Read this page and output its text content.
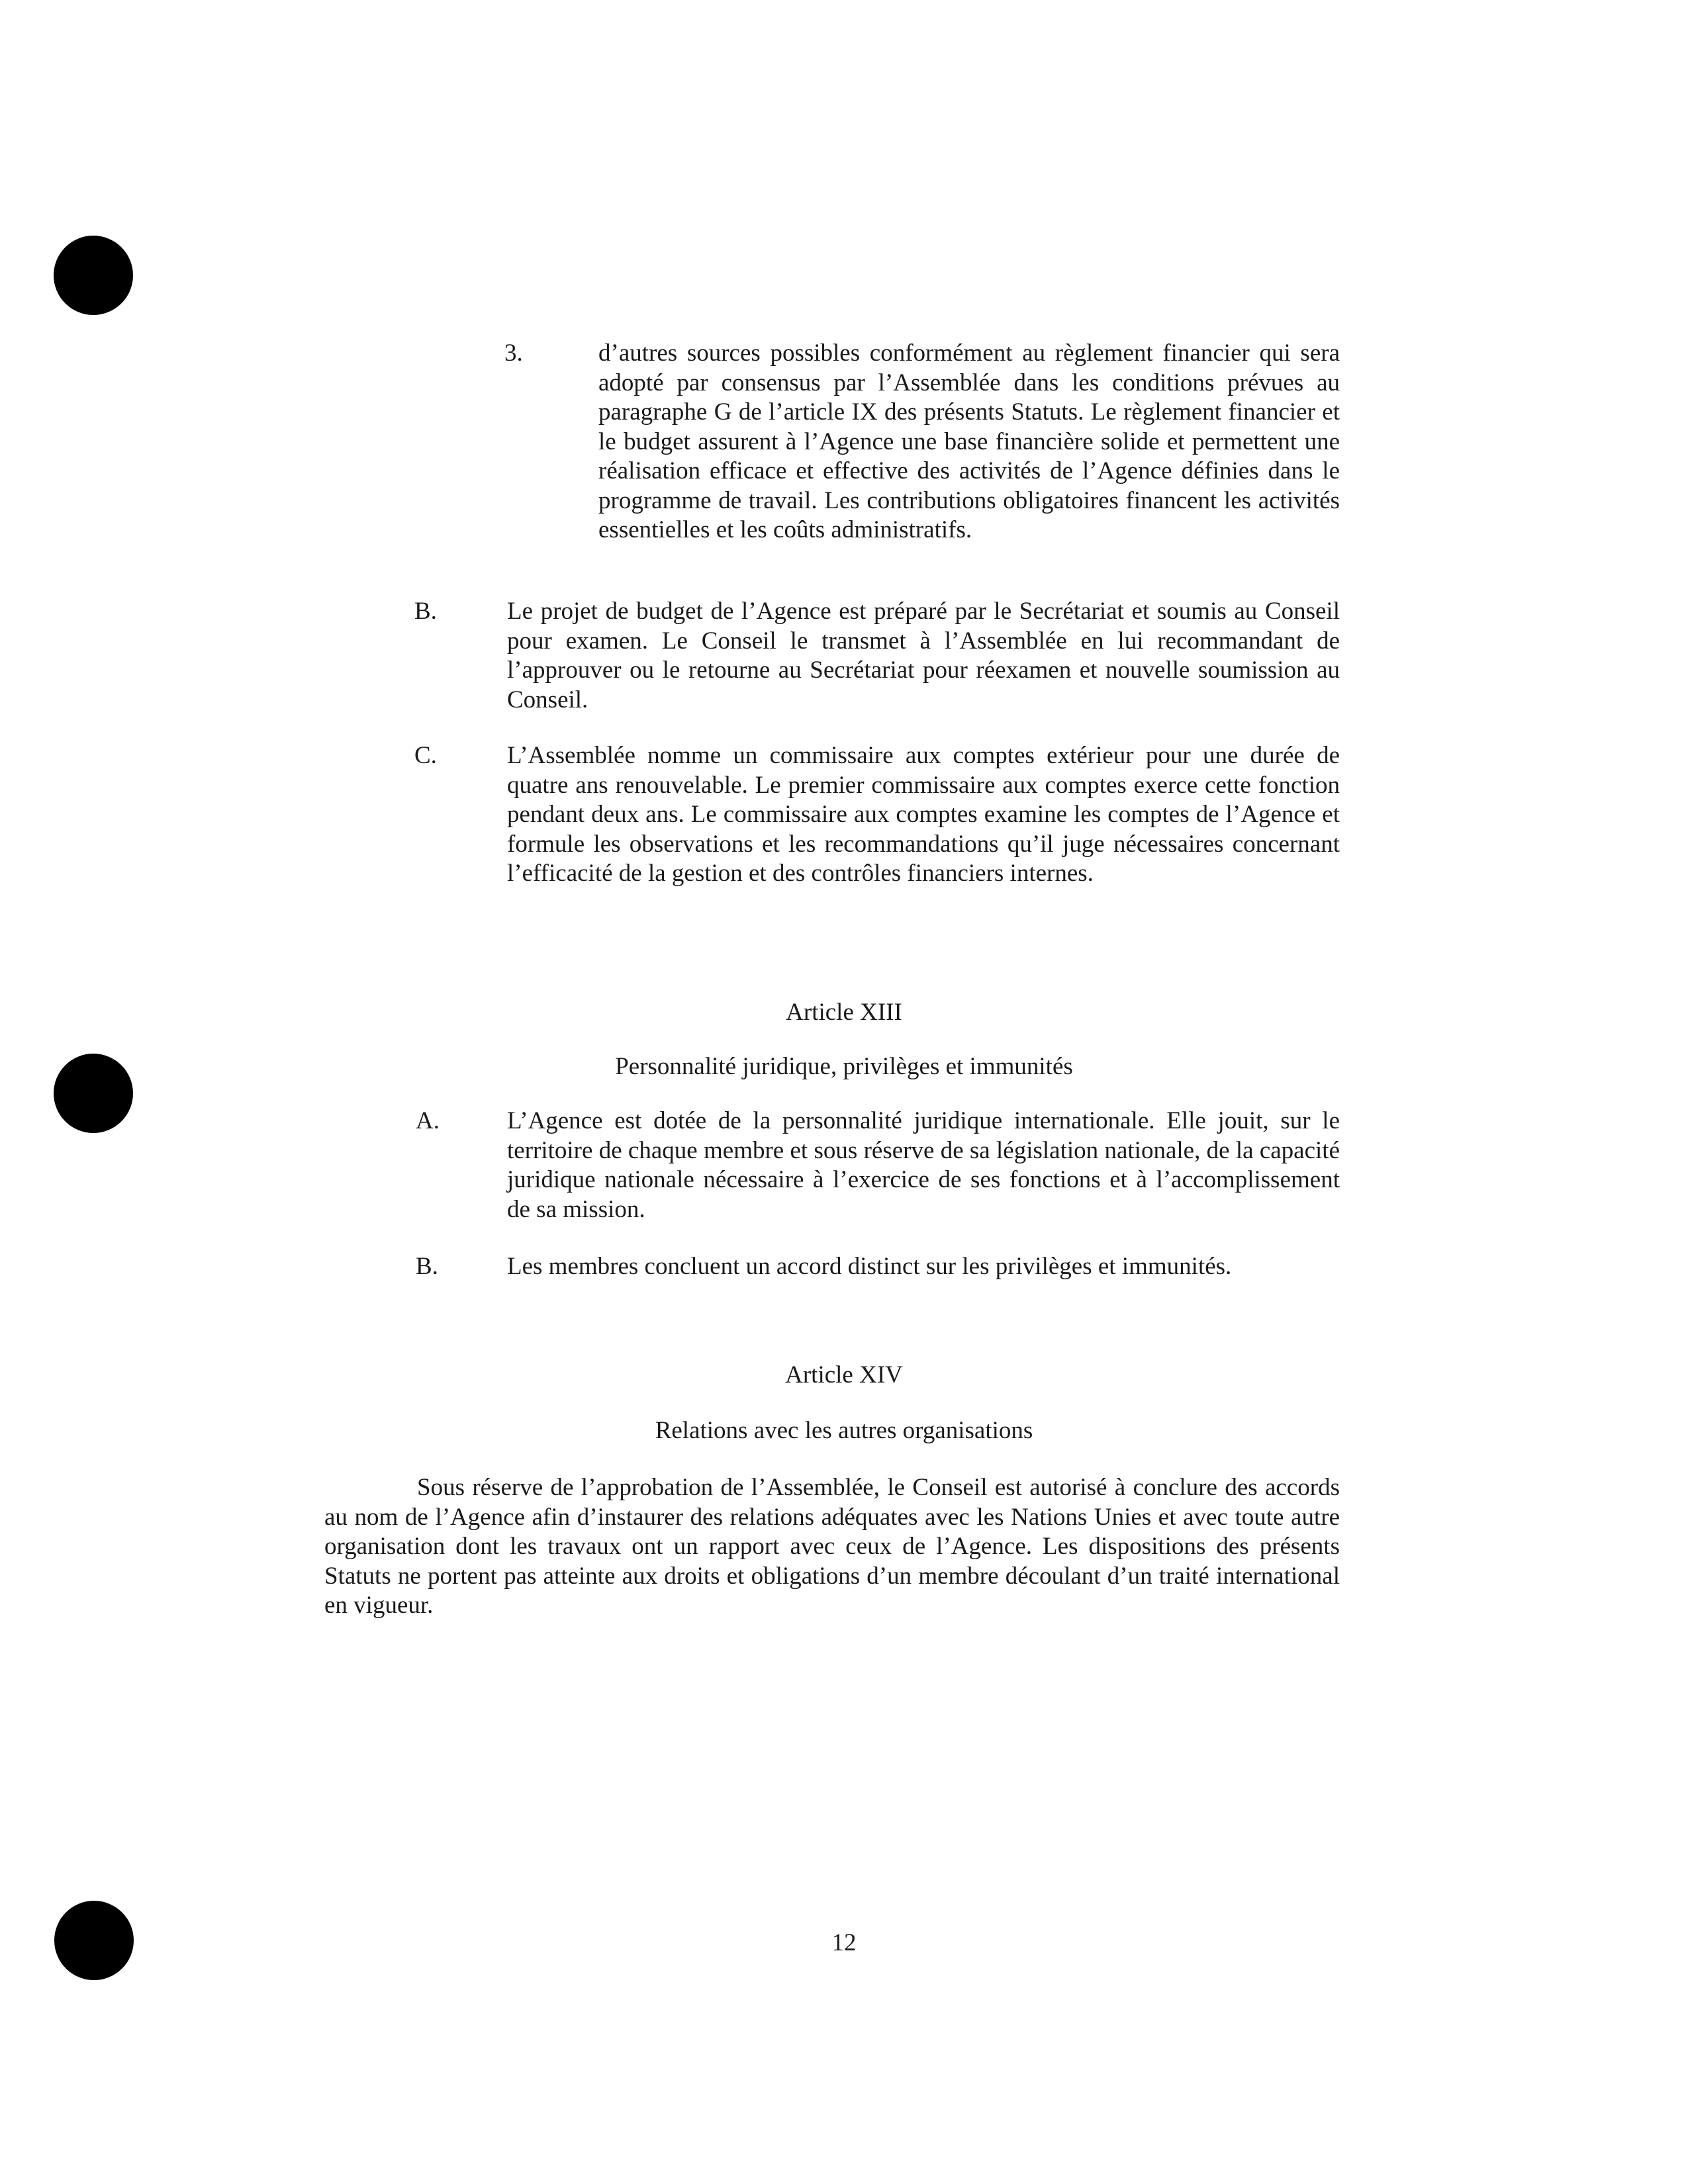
3.	d’autres sources possibles conformément au règlement financier qui sera adopté par consensus par l’Assemblée dans les conditions prévues au paragraphe G de l’article IX des présents Statuts. Le règlement financier et le budget assurent à l’Agence une base financière solide et permettent une réalisation efficace et effective des activités de l’Agence définies dans le programme de travail. Les contributions obligatoires financent les activités essentielles et les coûts administratifs.
B.	Le projet de budget de l’Agence est préparé par le Secrétariat et soumis au Conseil pour examen. Le Conseil le transmet à l’Assemblée en lui recommandant de l’approuver ou le retourne au Secrétariat pour réexamen et nouvelle soumission au Conseil.
C.	L’Assemblée nomme un commissaire aux comptes extérieur pour une durée de quatre ans renouvelable. Le premier commissaire aux comptes exerce cette fonction pendant deux ans. Le commissaire aux comptes examine les comptes de l’Agence et formule les observations et les recommandations qu’il juge nécessaires concernant l’efficacité de la gestion et des contrôles financiers internes.
Article XIII
Personnalité juridique, privilèges et immunités
A.	L’Agence est dotée de la personnalité juridique internationale. Elle jouit, sur le territoire de chaque membre et sous réserve de sa législation nationale, de la capacité juridique nationale nécessaire à l’exercice de ses fonctions et à l’accomplissement de sa mission.
B.	Les membres concluent un accord distinct sur les privilèges et immunités.
Article XIV
Relations avec les autres organisations
Sous réserve de l’approbation de l’Assemblée, le Conseil est autorisé à conclure des accords au nom de l’Agence afin d’instaurer des relations adéquates avec les Nations Unies et avec toute autre organisation dont les travaux ont un rapport avec ceux de l’Agence. Les dispositions des présents Statuts ne portent pas atteinte aux droits et obligations d’un membre découlant d’un traité international en vigueur.
12
